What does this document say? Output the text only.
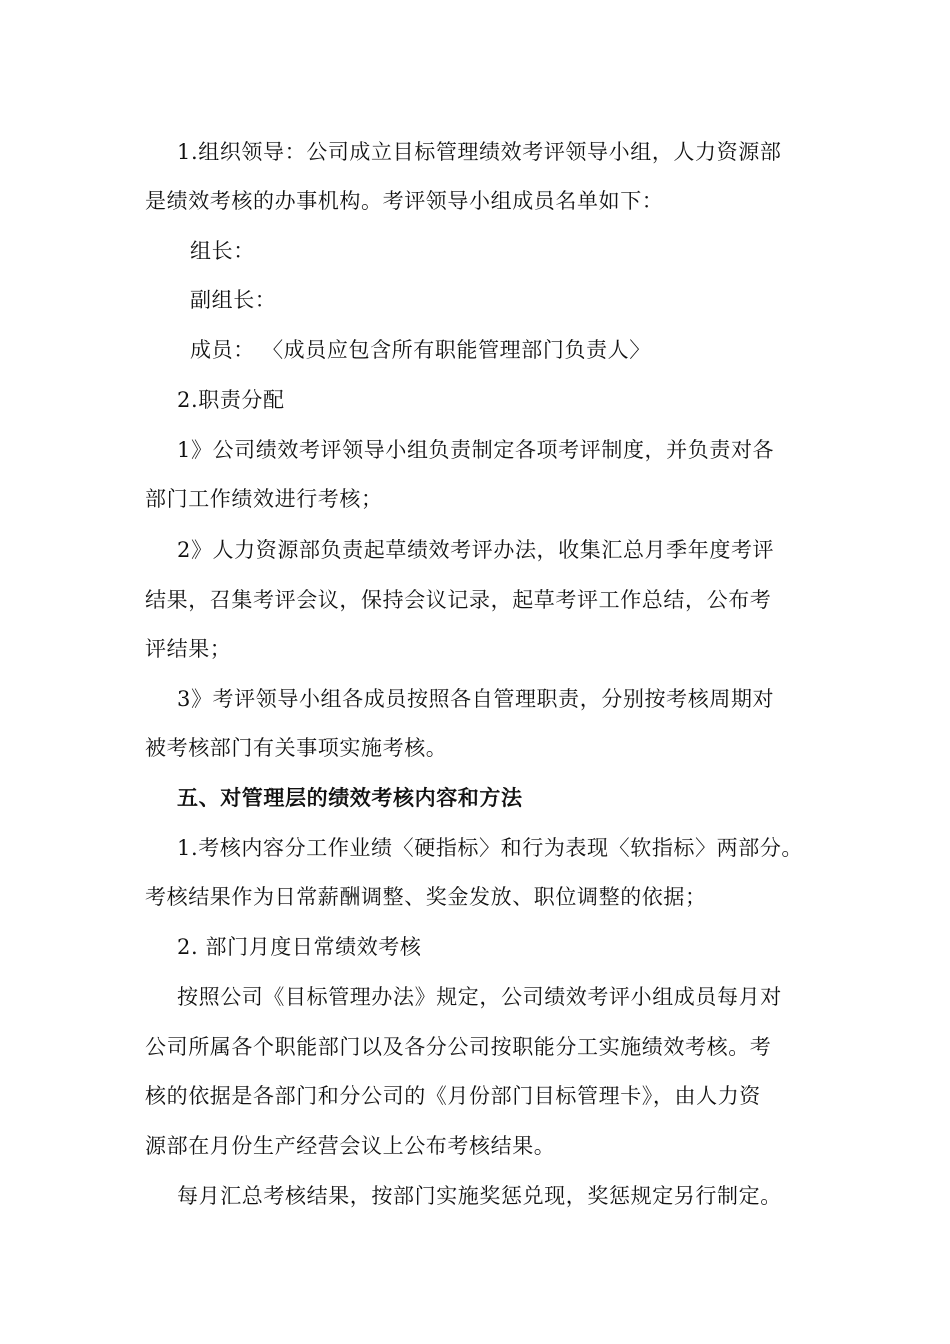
1.组织领导：公司成立目标管理绩效考评领导小组，人力资源部
是绩效考核的办事机构。考评领导小组成员名单如下：
组长：
副组长：
成员： 〈成员应包含所有职能管理部门负责人〉
2.职责分配
1》公司绩效考评领导小组负责制定各项考评制度，并负责对各
部门工作绩效进行考核；
2》人力资源部负责起草绩效考评办法，收集汇总月季年度考评
结果，召集考评会议，保持会议记录，起草考评工作总结，公布考
评结果；
3》考评领导小组各成员按照各自管理职责，分别按考核周期对
被考核部门有关事项实施考核。
五、对管理层的绩效考核内容和方法
1.考核内容分工作业绩〈硬指标〉和行为表现〈软指标〉两部分。
考核结果作为日常薪酬调整、奖金发放、职位调整的依据；
2. 部门月度日常绩效考核
按照公司《目标管理办法》规定，公司绩效考评小组成员每月对
公司所属各个职能部门以及各分公司按职能分工实施绩效考核。考
核的依据是各部门和分公司的《月份部门目标管理卡》，由人力资
源部在月份生产经营会议上公布考核结果。
每月汇总考核结果，按部门实施奖惩兑现，奖惩规定另行制定。
